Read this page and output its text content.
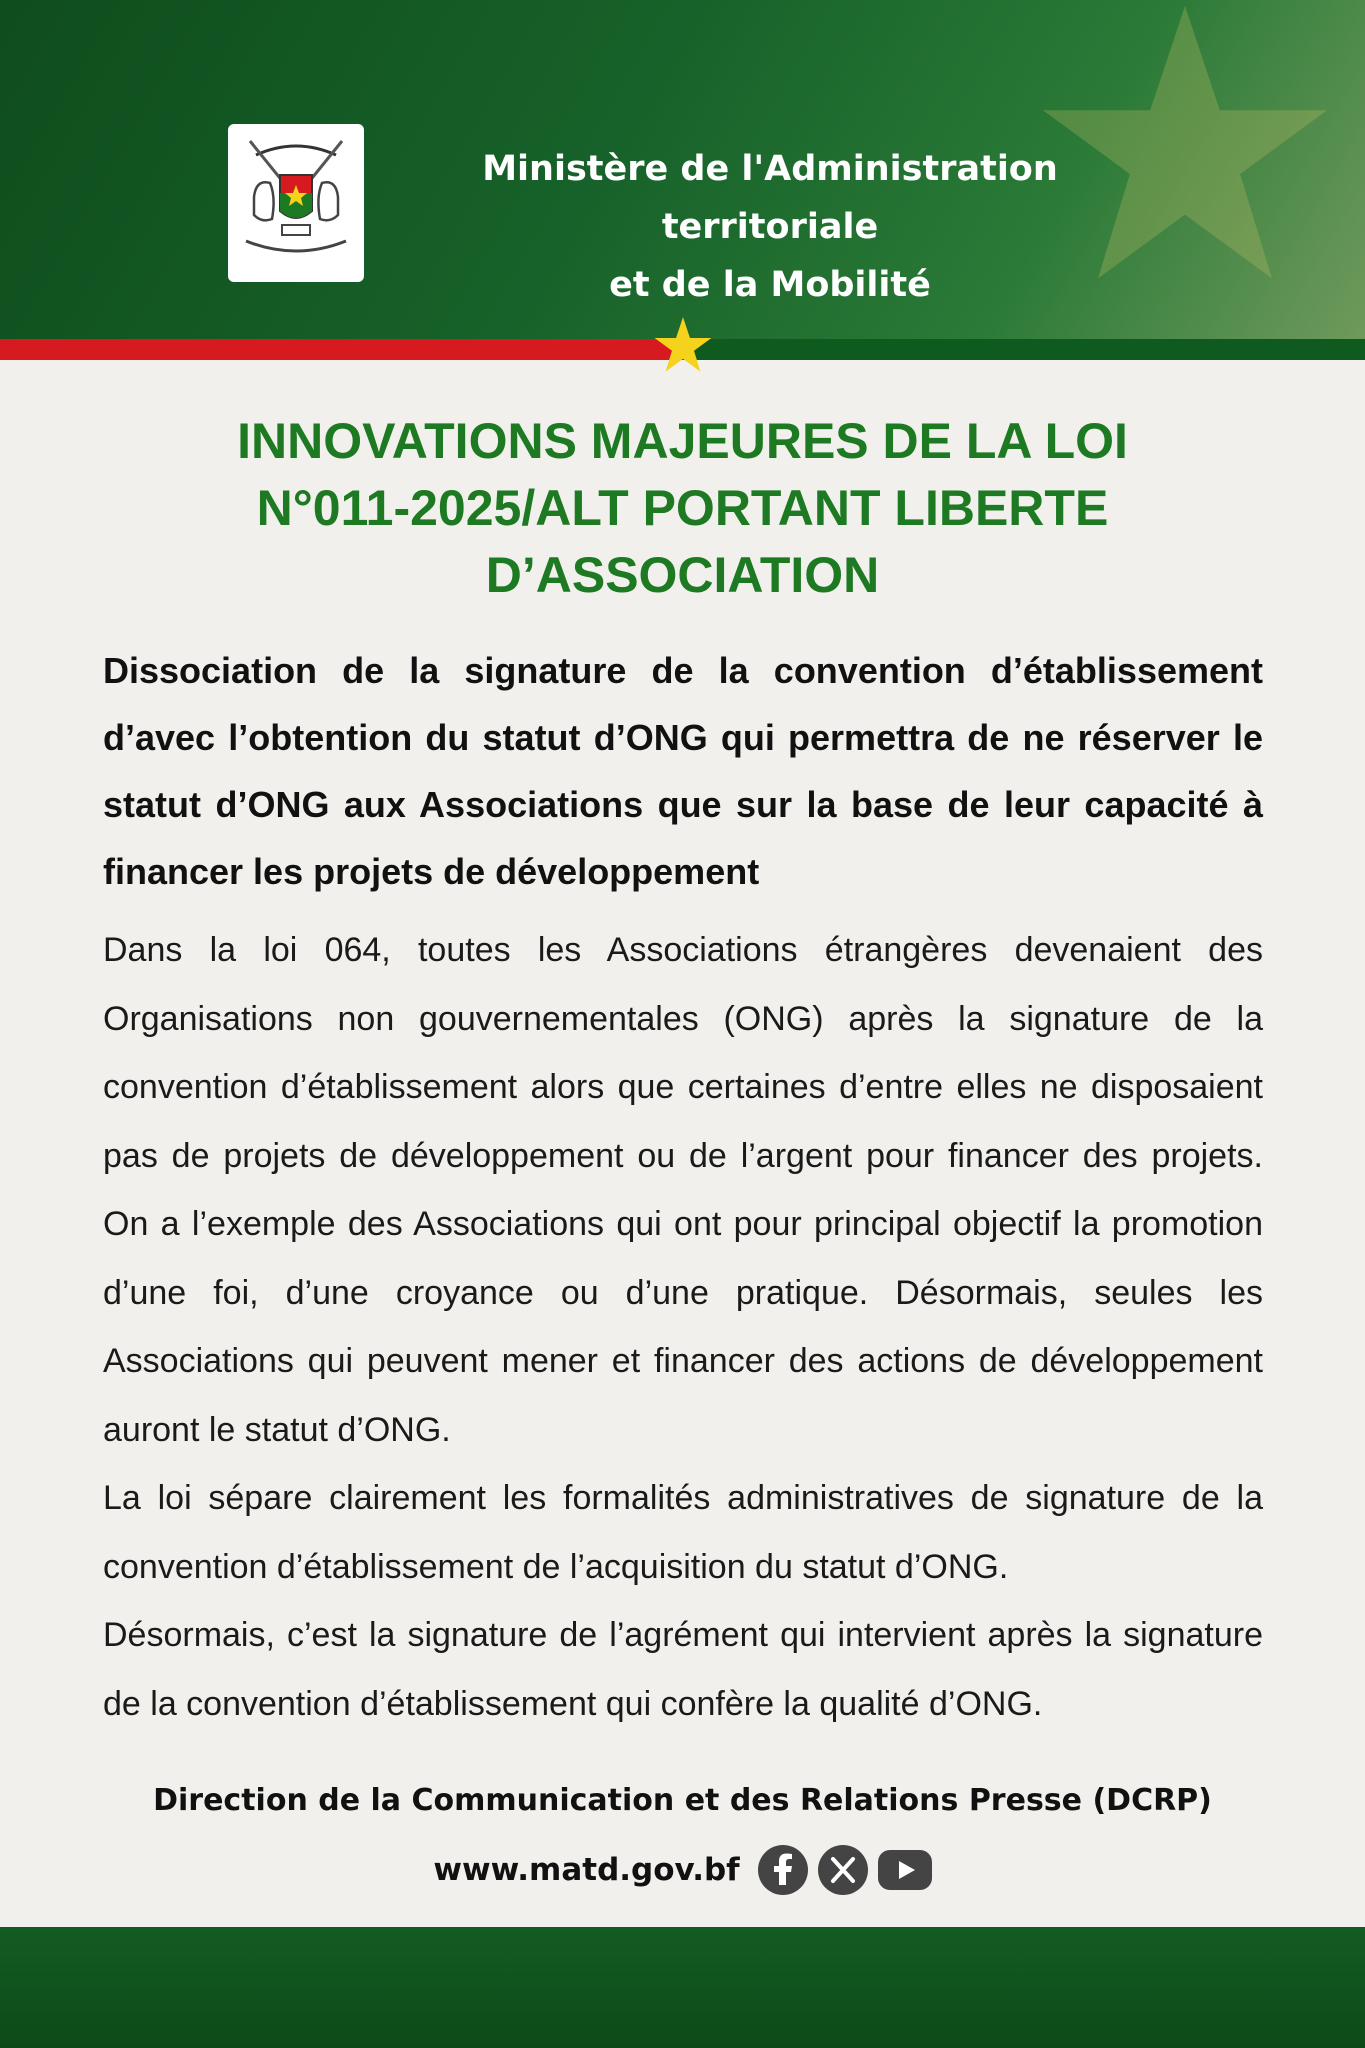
Ministère de l'Administration territoriale
et de la Mobilité
INNOVATIONS MAJEURES DE LA LOI
N°011-2025/ALT PORTANT LIBERTE
D’ASSOCIATION

Dissociation de la signature de la convention d’établissement d’avec l’obtention du statut d’ONG qui permettra de ne réserver le statut d’ONG aux Associations que sur la base de leur capacité à financer les projets de développement

Dans la loi 064, toutes les Associations étrangères devenaient des Organisations non gouvernementales (ONG) après la signature de la convention d’établissement alors que certaines d’entre elles ne disposaient pas de projets de développement ou de l’argent pour financer des projets. On a l’exemple des Associations qui ont pour principal objectif la promotion d’une foi, d’une croyance ou d’une pratique. Désormais, seules les Associations qui peuvent mener et financer des actions de développement auront le statut d’ONG.

La loi sépare clairement les formalités administratives de signature de la convention d’établissement de l’acquisition du statut d’ONG.

Désormais, c’est la signature de l’agrément qui intervient après la signature de la convention d’établissement qui confère la qualité d’ONG.

Direction de la Communication et des Relations Presse (DCRP)
www.matd.gov.bf
